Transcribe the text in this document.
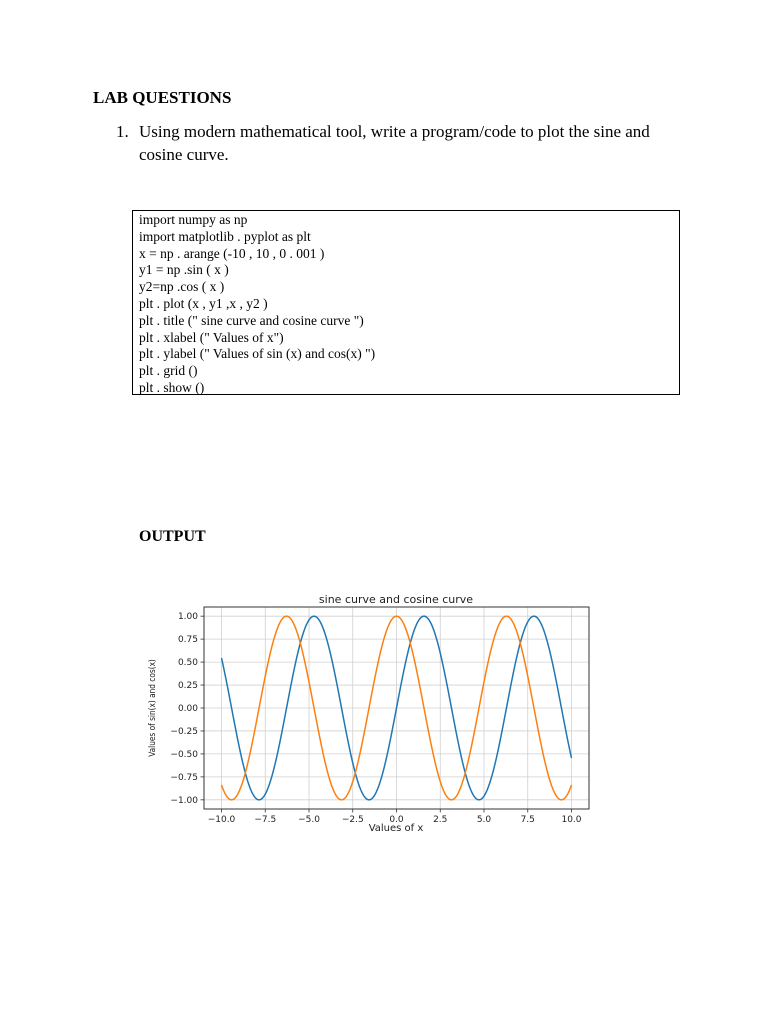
LAB QUESTIONS
1. Using modern mathematical tool, write a program/code to plot the sine and cosine curve.
import numpy as np
import matplotlib . pyplot as plt
x = np . arange (-10 , 10 , 0 . 001 )
y1 = np .sin ( x )
y2=np .cos ( x )
plt . plot (x , y1 ,x , y2 )
plt . title (" sine curve and cosine curve ")
plt . xlabel (" Values of x")
plt . ylabel (" Values of sin (x) and cos(x) ")
plt . grid ()
plt . show ()
OUTPUT
sine curve and cosine curve
Values of x
Values of sin(x) and cos(x)
−10.0 −7.5 −5.0 −2.5	0.0	2.5	5.0	7.5	10.0
1.00
0.75
0.50
0.25
0.00
−0.25
−0.50
−0.75
−1.00
